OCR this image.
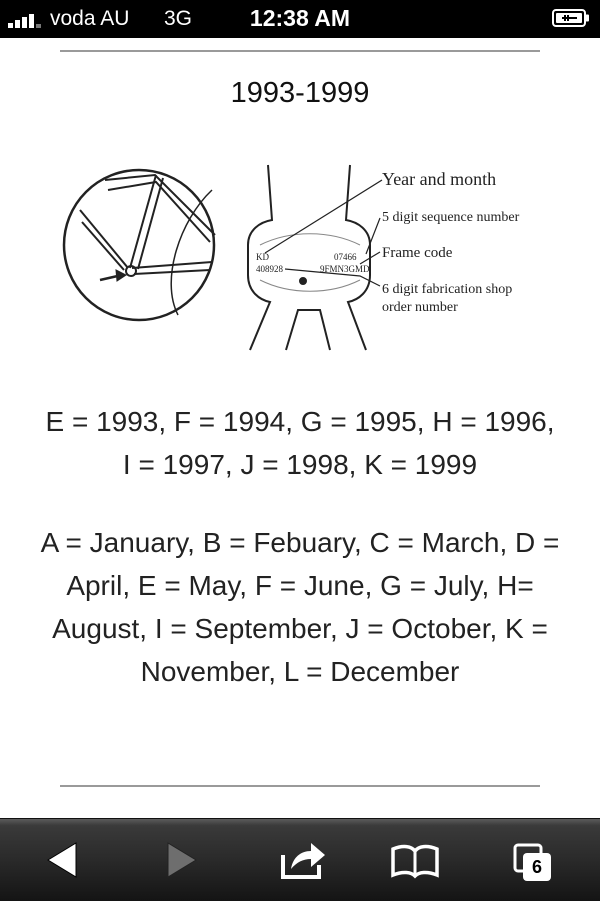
voda AU 3G	12:38 AM
1993-1999
KD	07466
408928	9FMN3GMD
Year and month
5 digit sequence number
Frame code
6 digit fabrication shop
order number
E = 1993, F = 1994, G = 1995, H = 1996, I = 1997, J = 1998, K = 1999
A = January, B = Febuary, C = March, D = April, E = May, F = June, G = July, H= August, I = September, J = October, K = November, L = December
6
